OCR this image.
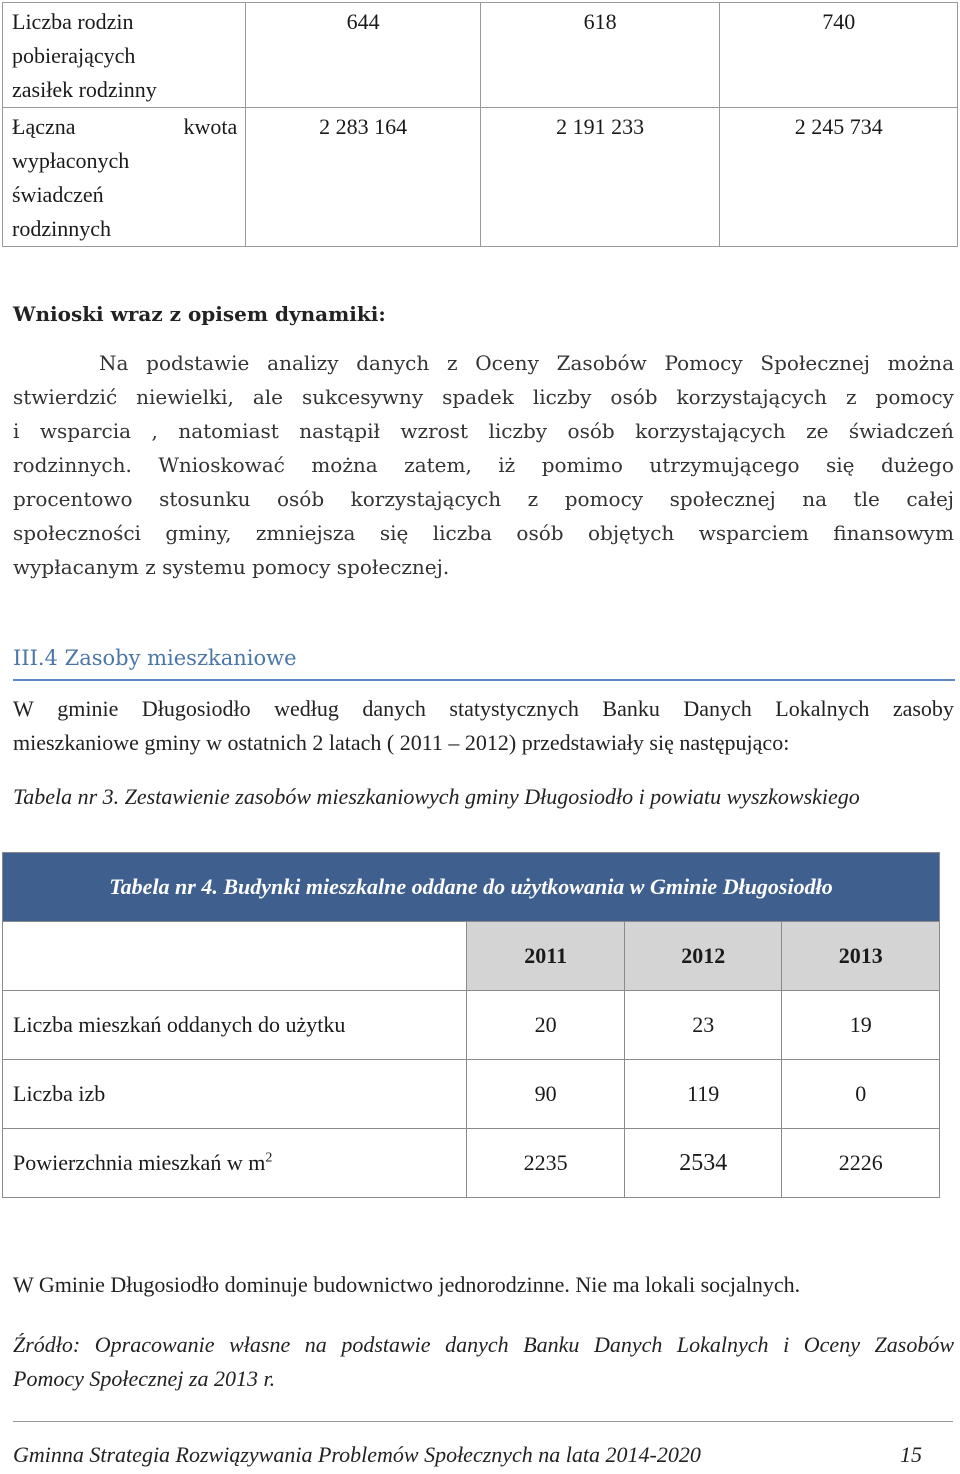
Liczba rodzin
pobierających
zasiłek rodzinny	644	618	740

Łączna kwota
wypłaconych
świadczeń
rodzinnych	2 283 164	2 191 233	2 245 734
Wnioski wraz z opisem dynamiki:
Na podstawie analizy danych z Oceny Zasobów Pomocy Społecznej można
stwierdzić niewielki, ale sukcesywny spadek liczby osób korzystających z pomocy
i wsparcia , natomiast nastąpił wzrost liczby osób korzystających ze świadczeń
rodzinnych. Wnioskować można zatem, iż pomimo utrzymującego się dużego
procentowo stosunku osób korzystających z pomocy społecznej na tle całej
społeczności gminy, zmniejsza się liczba osób objętych wsparciem finansowym
wypłacanym z systemu pomocy społecznej.
III.4 Zasoby mieszkaniowe
W gminie Długosiodło według danych statystycznych Banku Danych Lokalnych zasoby
mieszkaniowe gminy w ostatnich 2 latach ( 2011 – 2012) przedstawiały się następująco:
Tabela nr 3. Zestawienie zasobów mieszkaniowych gminy Długosiodło i powiatu wyszkowskiego
Tabela nr 4. Budynki mieszkalne oddane do użytkowania w Gminie Długosiodło			
	2011	2012	2013
Liczba mieszkań oddanych do użytku	20	23	19
Liczba izb	90	119	0
Powierzchnia mieszkań w $m^2$	2235	2534	2226
W Gminie Długosiodło dominuje budownictwo jednorodzinne. Nie ma lokali socjalnych.
Źródło: Opracowanie własne na podstawie danych Banku Danych Lokalnych i Oceny Zasobów
Pomocy Społecznej za 2013 r.
Gminna Strategia Rozwiązywania Problemów Społecznych na lata 2014-2020	15
